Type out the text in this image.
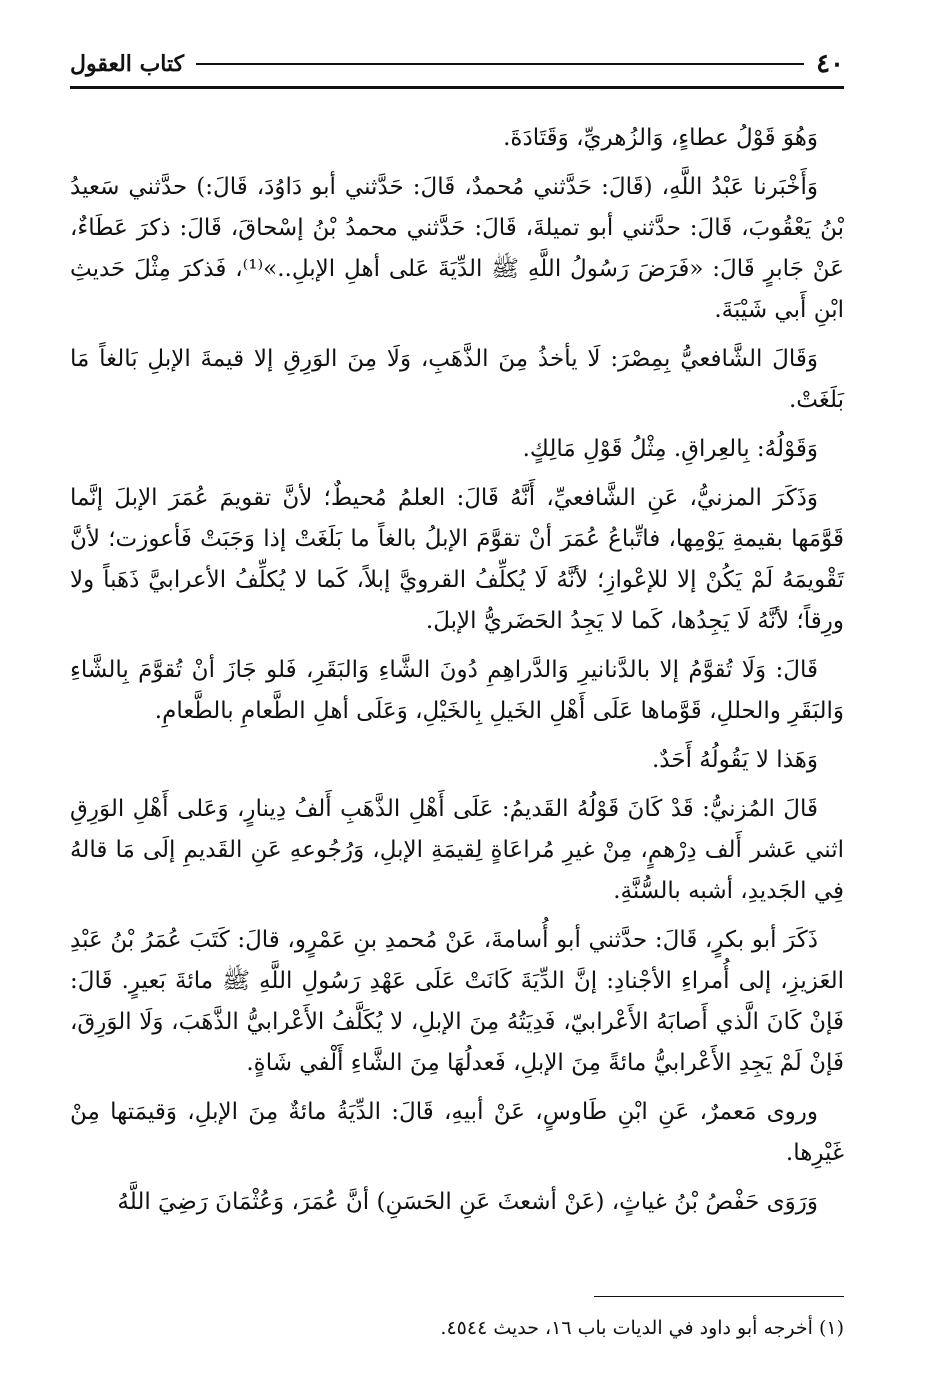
٤٠
كتاب العقول

وَهُوَ قَوْلُ عطاءٍ، وَالزُهريِّ، وَقَتَادَةَ.

وَأَخْبَرنا عَبْدُ اللَّهِ، (قَالَ: حَدَّثني مُحمدٌ، قَالَ: حَدَّثني أبو دَاوُدَ، قَالَ:) حدَّثني سَعيدُ بْنُ يَعْقُوبَ، قَالَ: حدَّثني أبو تميلةَ، قَالَ: حَدَّثني محمدُ بْنُ إسْحاقَ، قَالَ: ذكرَ عَطَاءٌ، عَنْ جَابرٍ قَالَ: «فَرَضَ رَسُولُ اللَّهِ ﷺ الدِّيَةَ عَلى أهلِ الإبلِ..»⁽¹⁾، فَذكرَ مِثْلَ حَديثِ ابْنِ أَبي شَيْبَةَ.

وَقَالَ الشَّافعيُّ بِمِصْرَ: لَا يأخذُ مِنَ الذَّهَبِ، وَلَا مِنَ الوَرِقِ إلا قيمةَ الإبلِ بَالغاً مَا بَلَغَتْ.

وَقَوْلُهُ: بِالعِراقِ. مِثْلُ قَوْلِ مَالِكٍ.

وَذَكَرَ المزنيُّ، عَنِ الشَّافعيِّ، أَنَّهُ قَالَ: العلمُ مُحيطٌ؛ لأنَّ تقويمَ عُمَرَ الإبلَ إنَّما قَوَّمَها بقيمةِ يَوْمِها، فاتِّباعُ عُمَرَ أنْ تقوَّمَ الإبلُ بالغاً ما بَلَغَتْ إذا وَجَبَتْ فَأعوزت؛ لأنَّ تَقْويمَهُ لَمْ يَكُنْ إلا للإعْوازِ؛ لأنَّهُ لَا يُكلِّفُ القرويَّ إبلاً، كَما لا يُكلِّفُ الأعرابيَّ ذَهَباً ولا ورِقاً؛ لأنَّهُ لَا يَجِدُها، كَما لا يَجِدُ الحَضَريُّ الإبلَ.

قَالَ: وَلَا تُقوَّمُ إلا بالدَّنانيرِ وَالدَّراهِمِ دُونَ الشَّاءِ وَالبَقَرِ، فَلو جَازَ أنْ تُقوَّمَ بِالشَّاءِ وَالبَقَرِ والحللِ، قَوَّماها عَلَى أَهْلِ الخَيلِ بِالخَيْلِ، وَعَلَى أهلِ الطَّعامِ بالطَّعامِ.

وَهَذا لا يَقُولُهُ أَحَدٌ.

قَالَ المُزنيُّ: قَدْ كَانَ قَوْلُهُ القَديمُ: عَلَى أَهْلِ الذَّهَبِ أَلفُ دِينارٍ، وَعَلى أَهْلِ الوَرِقِ اثني عَشر أَلف دِرْهمٍ، مِنْ غيرِ مُراعَاةٍ لِقيمَةِ الإبلِ، وَرُجُوعهِ عَنِ القَديمِ إلَى مَا قالهُ فِي الجَديدِ، أشبه بالسُّنَّةِ.

ذَكَرَ أبو بكرٍ، قَالَ: حدَّثني أبو أُسامةَ، عَنْ مُحمدِ بنِ عَمْرٍو، قالَ: كَتَبَ عُمَرُ بْنُ عَبْدِ العَزيزِ، إلى أُمراءِ الأجْنادِ: إنَّ الدِّيَةَ كَانَتْ عَلَى عَهْدِ رَسُولِ اللَّهِ ﷺ مائةَ بَعيرٍ. قَالَ: فَإنْ كَانَ الَّذي أَصابَهُ الأَعْرابيّ، فَدِيَتُهُ مِنَ الإبلِ، لا يُكَلَّفُ الأَعْرابيُّ الذَّهَبَ، وَلَا الوَرِقَ، فَإنْ لَمْ يَجِدِ الأَعْرابيُّ مائةً مِنَ الإبلِ، فَعدلُهَا مِنَ الشَّاءِ أَلْفي شَاةٍ.

وروى مَعمرٌ، عَنِ ابْنِ طَاوسٍ، عَنْ أبيهِ، قَالَ: الدِّيَةُ مائةٌ مِنَ الإبلِ، وَقيمَتها مِنْ غَيْرِها.

وَرَوَى حَفْصُ بْنُ غياثٍ، (عَنْ أشعثَ عَنِ الحَسَنِ) أنَّ عُمَرَ، وَعُثْمَانَ رَضِيَ اللَّهُ

(١) أخرجه أبو داود في الديات باب ١٦، حديث ٤٥٤٤.
